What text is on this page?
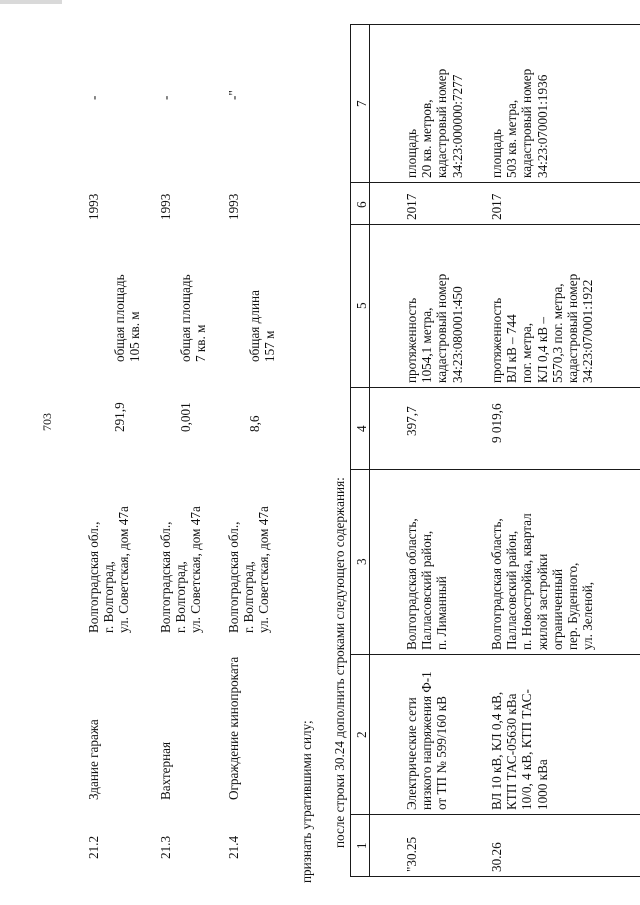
703

21.2

Здание гаража

Волгоградская обл.,
г. Волгоград,
ул. Советская, дом 47а

291,9

общая площадь
105 кв. м

1993

-

21.3

Вахтерная

Волгоградская обл.,
г. Волгоград,
ул. Советская, дом 47а

0,001

общая площадь
7 кв. м

1993

-

21.4

Ограждение кинопроката

Волгоградская обл.,
г. Волгоград,
ул. Советская, дом 47а

8,6

общая длина
157 м

1993

-"

признать утратившими силу;

после строки 30.24 дополнить строками следующего содержания:

1

2

3

4

5

6

7

"30.25

Электрические сети
низкого напряжения Ф-1
от ТП № 599/160 кВ

Волгоградская область,
Палласовский район,
п. Лиманный

397,7

протяженность
1054,1 метра,
кадастровый номер
34:23:080001:450

2017

площадь
20 кв. метров,
кадастровый номер
34:23:000000:7277

30.26

ВЛ 10 кВ, КЛ 0,4 кВ,
КТП ТАС-05630 кВа
10/0, 4 кВ, КТП ТАС-
1000 кВа

Волгоградская область,
Палласовский район,
п. Новостройка, квартал
жилой застройки
ограниченный
пер. Буденного,
ул. Зеленой,

9 019,6

протяженность
ВЛ кВ – 744
пог. метра,
КЛ 0,4 кВ –
5570,3 пог. метра,
кадастровый номер
34:23:070001:1922

2017

площадь
503 кв. метра,
кадастровый номер
34:23:070001:1936
